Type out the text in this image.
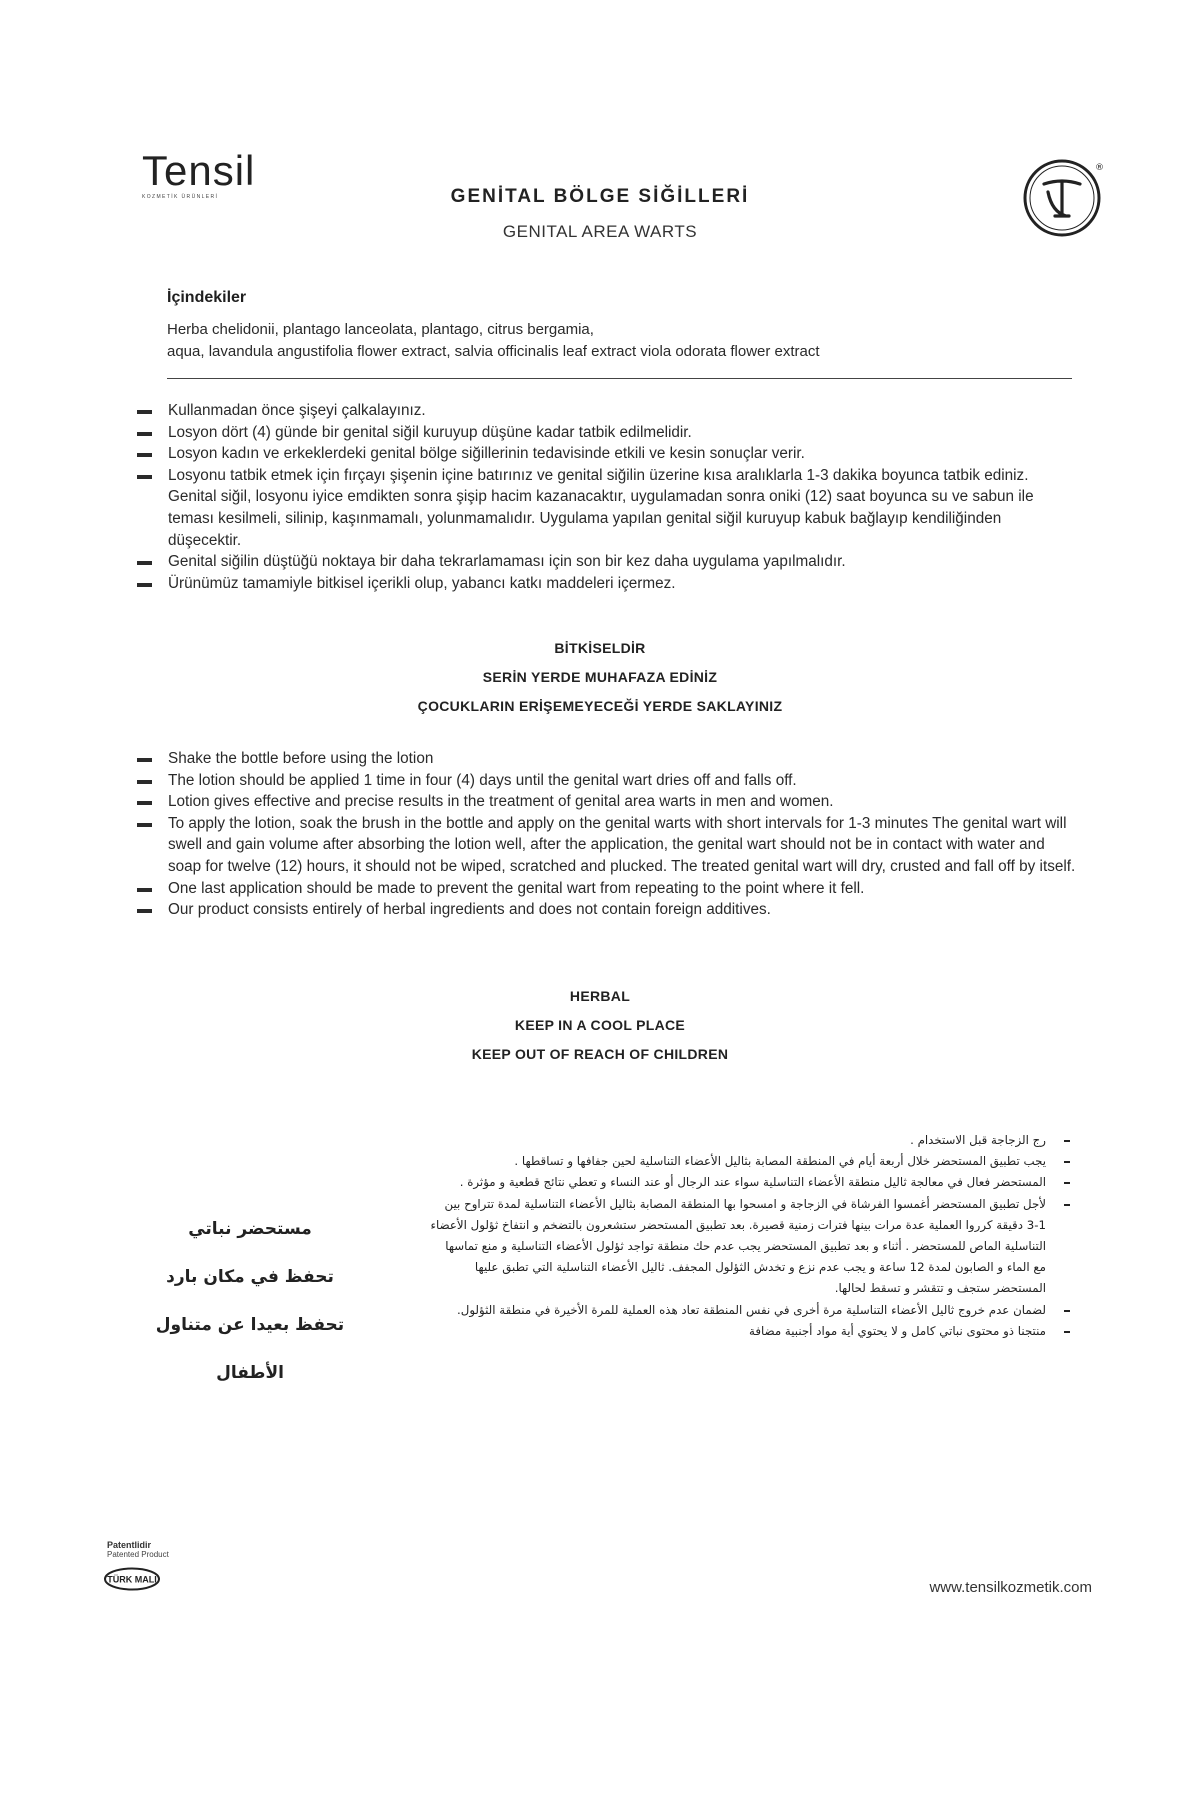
Tensil
KOZMETİK ÜRÜNLERİ	GENİTAL BÖLGE SİĞİLLERİ
GENITAL AREA WARTS
®
İçindekiler
Herba chelidonii, plantago lanceolata, plantago, citrus bergamia,
aqua, lavandula angustifolia flower extract, salvia officinalis leaf extract viola odorata flower extract
Kullanmadan önce şişeyi çalkalayınız.
Losyon dört (4) günde bir genital siğil kuruyup düşüne kadar tatbik edilmelidir.
Losyon kadın ve erkeklerdeki genital bölge siğillerinin tedavisinde etkili ve kesin sonuçlar verir.
Losyonu tatbik etmek için fırçayı şişenin içine batırınız ve genital siğilin üzerine kısa aralıklarla 1-3 dakika boyunca tatbik ediniz. Genital siğil, losyonu iyice emdikten sonra şişip hacim kazanacaktır, uygulamadan sonra oniki (12) saat boyunca su ve sabun ile teması kesilmeli, silinip, kaşınmamalı, yolunmamalıdır. Uygulama yapılan genital siğil kuruyup kabuk bağlayıp kendiliğinden düşecektir.
Genital siğilin düştüğü noktaya bir daha tekrarlamaması için son bir kez daha uygulama yapılmalıdır.
Ürünümüz tamamiyle bitkisel içerikli olup, yabancı katkı maddeleri içermez.
BİTKİSELDİR
SERİN YERDE MUHAFAZA EDİNİZ
ÇOCUKLARIN ERİŞEMEYECEĞİ YERDE SAKLAYINIZ
Shake the bottle before using the lotion
The lotion should be applied 1 time in four (4) days until the genital wart dries off and falls off.
Lotion gives effective and precise results in the treatment of genital area warts in men and women.
To apply the lotion, soak the brush in the bottle and apply on the genital warts with short intervals for 1-3 minutes The genital wart will swell and gain volume after absorbing the lotion well, after the application, the genital wart should not be in contact with water and soap for twelve (12) hours, it should not be wiped, scratched and plucked. The treated genital wart will dry, crusted and fall off by itself.
One last application should be made to prevent the genital wart from repeating to the point where it fell.
Our product consists entirely of herbal ingredients and does not contain foreign additives.
HERBAL
KEEP IN A COOL PLACE
KEEP OUT OF REACH OF CHILDREN
مستحضر نباتي
تحفظ في مكان بارد
تحفظ بعيدا عن متناول الأطفال
رج الزجاجة قبل الاستخدام .
يجب تطبيق المستحضر خلال أربعة أيام في المنطقة المصابة بثاليل الأعضاء التناسلية لحين جفافها و تساقطها .
المستحضر فعال في معالجة ثاليل منطقة الأعضاء التناسلية سواء عند الرجال أو عند النساء و تعطي نتائج قطعية و مؤثرة .
لأجل تطبيق المستحضر أغمسوا الفرشاة في الزجاجة و امسحوا بها المنطقة المصابة بثاليل الأعضاء التناسلية لمدة تتراوح بين 1-3 دقيقة كرروا العملية عدة مرات بينها فترات زمنية قصيرة. بعد تطبيق المستحضر ستشعرون بالتضخم و انتفاخ ثؤلول الأعضاء التناسلية الماص للمستحضر . أثناء و بعد تطبيق المستحضر يجب عدم حك منطقة تواجد ثؤلول الأعضاء التناسلية و منع تماسها مع الماء و الصابون لمدة 12 ساعة و يجب عدم نزع و تخدش الثؤلول المجفف. ثاليل الأعضاء التناسلية التي تطبق عليها المستحضر ستجف و تتقشر و تسقط لحالها.
لضمان عدم خروج ثاليل الأعضاء التناسلية مرة أخرى في نفس المنطقة تعاد هذه العملية للمرة الأخيرة في منطقة الثؤلول.
منتجنا ذو محتوى نباتي كامل و لا يحتوي أية مواد أجنبية مضافة
Patentlidir
Patented Product
TÜRK MALI	www.tensilkozmetik.com
